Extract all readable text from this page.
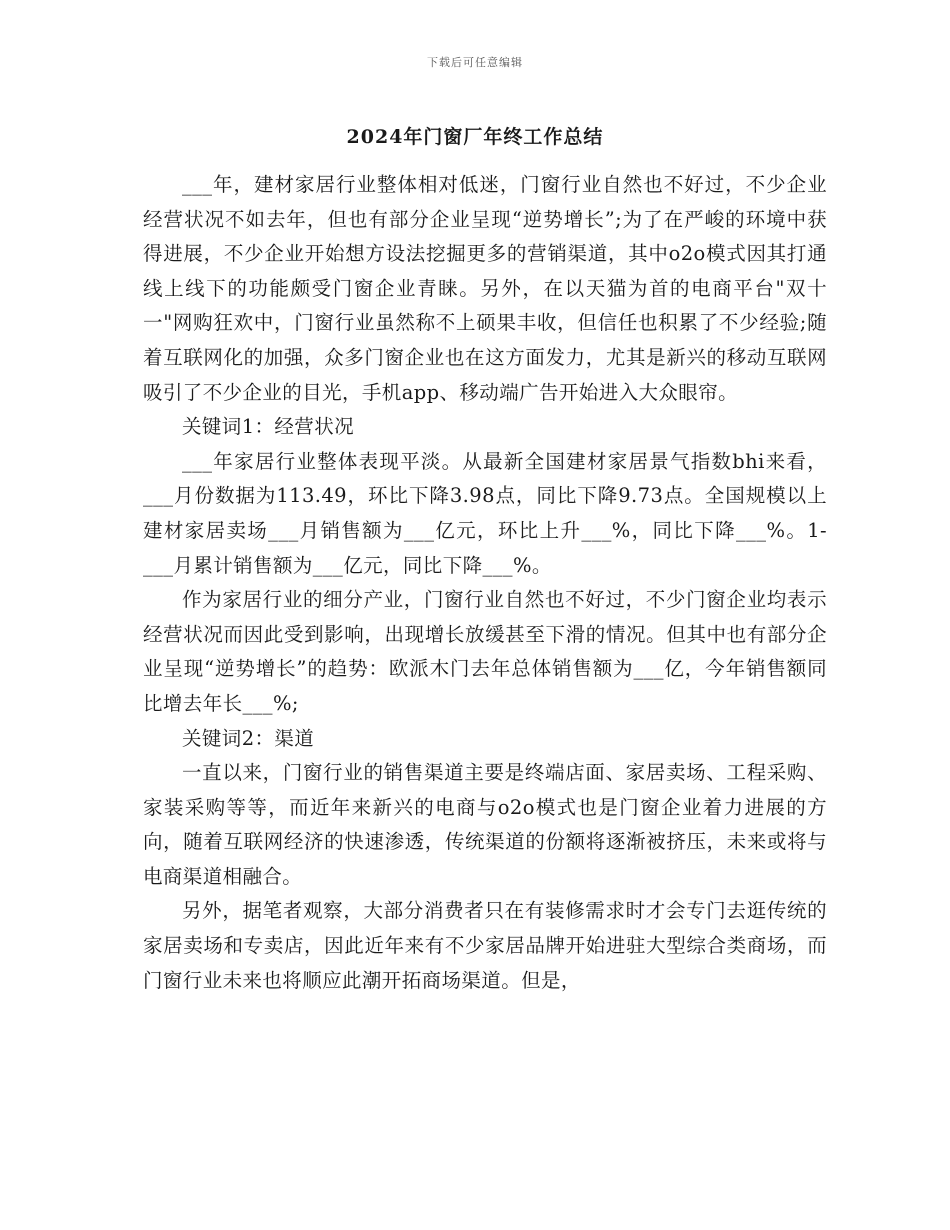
下载后可任意编辑
2024年门窗厂年终工作总结

___年，建材家居行业整体相对低迷，门窗行业自然也不好过，不少企业经营状况不如去年，但也有部分企业呈现“逆势增长”;为了在严峻的环境中获得进展，不少企业开始想方设法挖掘更多的营销渠道，其中o2o模式因其打通线上线下的功能颇受门窗企业青睐。另外，在以天猫为首的电商平台"双十一"网购狂欢中，门窗行业虽然称不上硕果丰收，但信任也积累了不少经验;随着互联网化的加强，众多门窗企业也在这方面发力，尤其是新兴的移动互联网吸引了不少企业的目光，手机app、移动端广告开始进入大众眼帘。

关键词1：经营状况

___年家居行业整体表现平淡。从最新全国建材家居景气指数bhi来看，___月份数据为113.49，环比下降3.98点，同比下降9.73点。全国规模以上建材家居卖场___月销售额为___亿元，环比上升___%，同比下降___%。1-___月累计销售额为___亿元，同比下降___%。

作为家居行业的细分产业，门窗行业自然也不好过，不少门窗企业均表示经营状况而因此受到影响，出现增长放缓甚至下滑的情况。但其中也有部分企业呈现“逆势增长”的趋势：欧派木门去年总体销售额为___亿，今年销售额同比增去年长___%;

关键词2：渠道

一直以来，门窗行业的销售渠道主要是终端店面、家居卖场、工程采购、家装采购等等，而近年来新兴的电商与o2o模式也是门窗企业着力进展的方向，随着互联网经济的快速渗透，传统渠道的份额将逐渐被挤压，未来或将与电商渠道相融合。

另外，据笔者观察，大部分消费者只在有装修需求时才会专门去逛传统的家居卖场和专卖店，因此近年来有不少家居品牌开始进驻大型综合类商场，而门窗行业未来也将顺应此潮开拓商场渠道。但是，
